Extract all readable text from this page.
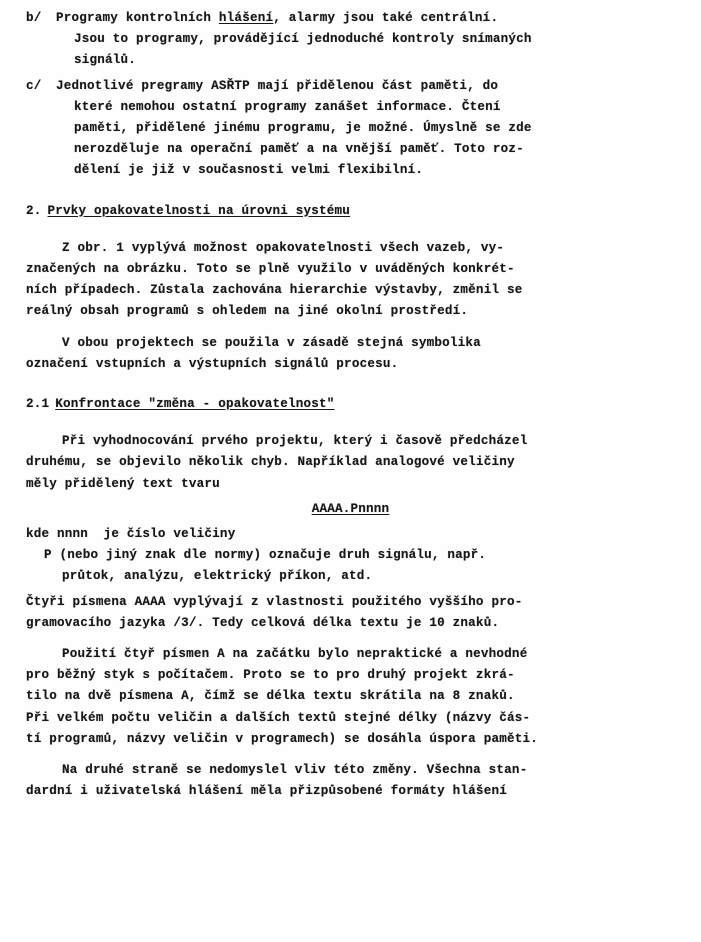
b/	Programy kontrolních hlášení, alarmy jsou také centrální.
Jsou to programy, provádějící jednoduché kontroly snímaných
signálů.
c/	Jednotlivé pregramy ASŘTP mají přidělenou část paměti, do
které nemohou ostatní programy zanášet informace. Čtení
paměti, přidělené jinému programu, je možné. Úmyslně se zde
nerozděluje na operační paměť a na vnější paměť. Toto roz-
dělení je již v současnosti velmi flexibilní.
2. Prvky opakovatelnosti na úrovni systému
Z obr. 1 vyplývá možnost opakovatelnosti všech vazeb, vy-
značených na obrázku. Toto se plně využilo v uváděných konkrét-
ních případech. Zůstala zachována hierarchie výstavby, změnil se
reálný obsah programů s ohledem na jiné okolní prostředí.
V obou projektech se použila v zásadě stejná symbolika
označení vstupních a výstupních signálů procesu.
2.1 Konfrontace "změna - opakovatelnost"
Při vyhodnocování prvého projektu, který i časově předcházel
druhému, se objevilo několik chyb. Například analogové veličiny
měly přidělený text tvaru
AAAA.Pnnnn
kde nnnn  je číslo veličiny
P (nebo jiný znak dle normy) označuje druh signálu, např.
průtok, analýzu, elektrický příkon, atd.
Čtyři písmena AAAA vyplývají z vlastnosti použitého vyššího pro-
gramovacího jazyka /3/. Tedy celková délka textu je 10 znaků.
Použití čtyř písmen A na začátku bylo nepraktické a nevhodné
pro běžný styk s počítačem. Proto se to pro druhý projekt zkrá-
tilo na dvě písmena A, čímž se délka textu skrátila na 8 znaků.
Při velkém počtu veličin a dalších textů stejné délky (názvy čás-
tí programů, názvy veličin v programech) se dosáhla úspora paměti.
Na druhé straně se nedomyslel vliv této změny. Všechna stan-
dardní i uživatelská hlášení měla přizpůsobené formáty hlášení
